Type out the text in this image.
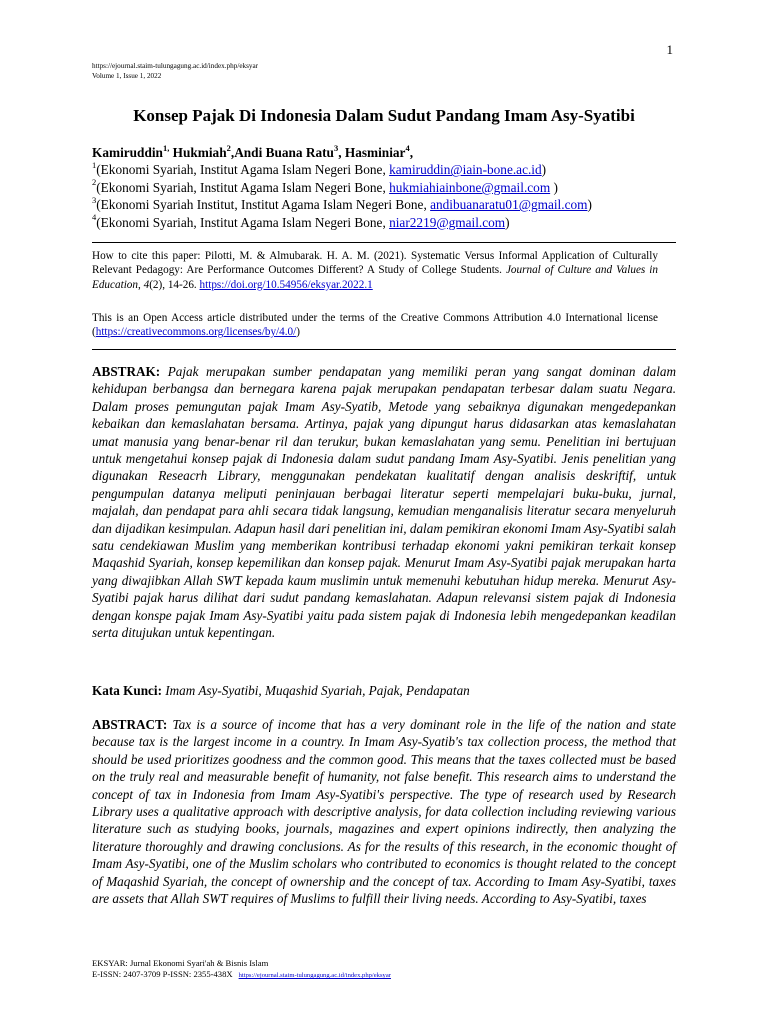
1
https://ejournal.staim-tulungagung.ac.id/index.php/eksyar
Volume 1, Issue 1, 2022
Konsep Pajak Di Indonesia Dalam Sudut Pandang Imam Asy-Syatibi
Kamiruddin$^{1,}$ Hukmiah$^2$,Andi Buana Ratu$^3$, Hasminiar$^4$,
$^1$(Ekonomi Syariah, Institut Agama Islam Negeri Bone, kamiruddin@iain-bone.ac.id)
$^2$(Ekonomi Syariah, Institut Agama Islam Negeri Bone, hukmiahiainbone@gmail.com )
$^3$(Ekonomi Syariah Institut, Institut Agama Islam Negeri Bone, andibuanaratu01@gmail.com)
$^4$(Ekonomi Syariah, Institut Agama Islam Negeri Bone, niar2219@gmail.com)
How to cite this paper: Pilotti, M. & Almubarak. H. A. M. (2021). Systematic Versus Informal Application of Culturally Relevant Pedagogy: Are Performance Outcomes Different? A Study of College Students. Journal of Culture and Values in Education, 4(2), 14-26. https://doi.org/10.54956/eksyar.2022.1
This is an Open Access article distributed under the terms of the Creative Commons Attribution 4.0 International license (https://creativecommons.org/licenses/by/4.0/)
ABSTRAK: Pajak merupakan sumber pendapatan yang memiliki peran yang sangat dominan dalam kehidupan berbangsa dan bernegara karena pajak merupakan pendapatan terbesar dalam suatu Negara. Dalam proses pemungutan pajak Imam Asy-Syatib, Metode yang sebaiknya digunakan mengedepankan kebaikan dan kemaslahatan bersama. Artinya, pajak yang dipungut harus didasarkan atas kemaslahatan umat manusia yang benar-benar ril dan terukur, bukan kemaslahatan yang semu. Penelitian ini bertujuan untuk mengetahui konsep pajak di Indonesia dalam sudut pandang Imam Asy-Syatibi. Jenis penelitian yang digunakan Reseacrh Library, menggunakan pendekatan kualitatif dengan analisis deskriftif, untuk pengumpulan datanya meliputi peninjauan berbagai literatur seperti mempelajari buku-buku, jurnal, majalah, dan pendapat para ahli secara tidak langsung, kemudian menganalisis literatur secara menyeluruh dan dijadikan kesimpulan. Adapun hasil dari penelitian ini, dalam pemikiran ekonomi Imam Asy-Syatibi salah satu cendekiawan Muslim yang memberikan kontribusi terhadap ekonomi yakni pemikiran terkait konsep Maqashid Syariah, konsep kepemilikan dan konsep pajak. Menurut Imam Asy-Syatibi pajak merupakan harta yang diwajibkan Allah SWT kepada kaum muslimin untuk memenuhi kebutuhan hidup mereka. Menurut Asy-Syatibi pajak harus dilihat dari sudut pandang kemaslahatan. Adapun relevansi sistem pajak di Indonesia dengan konspe pajak Imam Asy-Syatibi yaitu pada sistem pajak di Indonesia lebih mengedepankan keadilan serta ditujukan untuk kepentingan.
Kata Kunci: Imam Asy-Syatibi, Muqashid Syariah, Pajak, Pendapatan
ABSTRACT: Tax is a source of income that has a very dominant role in the life of the nation and state because tax is the largest income in a country. In Imam Asy-Syatib's tax collection process, the method that should be used prioritizes goodness and the common good. This means that the taxes collected must be based on the truly real and measurable benefit of humanity, not false benefit. This research aims to understand the concept of tax in Indonesia from Imam Asy-Syatibi's perspective. The type of research used by Research Library uses a qualitative approach with descriptive analysis, for data collection including reviewing various literature such as studying books, journals, magazines and expert opinions indirectly, then analyzing the literature thoroughly and drawing conclusions. As for the results of this research, in the economic thought of Imam Asy-Syatibi, one of the Muslim scholars who contributed to economics is thought related to the concept of Maqashid Syariah, the concept of ownership and the concept of tax. According to Imam Asy-Syatibi, taxes are assets that Allah SWT requires of Muslims to fulfill their living needs. According to Asy-Syatibi, taxes
EKSYAR: Jurnal Ekonomi Syari'ah & Bisnis Islam
E-ISSN: 2407-3709 P-ISSN: 2355-438X https://ejournal.staim-tulungagung.ac.id/index.php/eksyar
